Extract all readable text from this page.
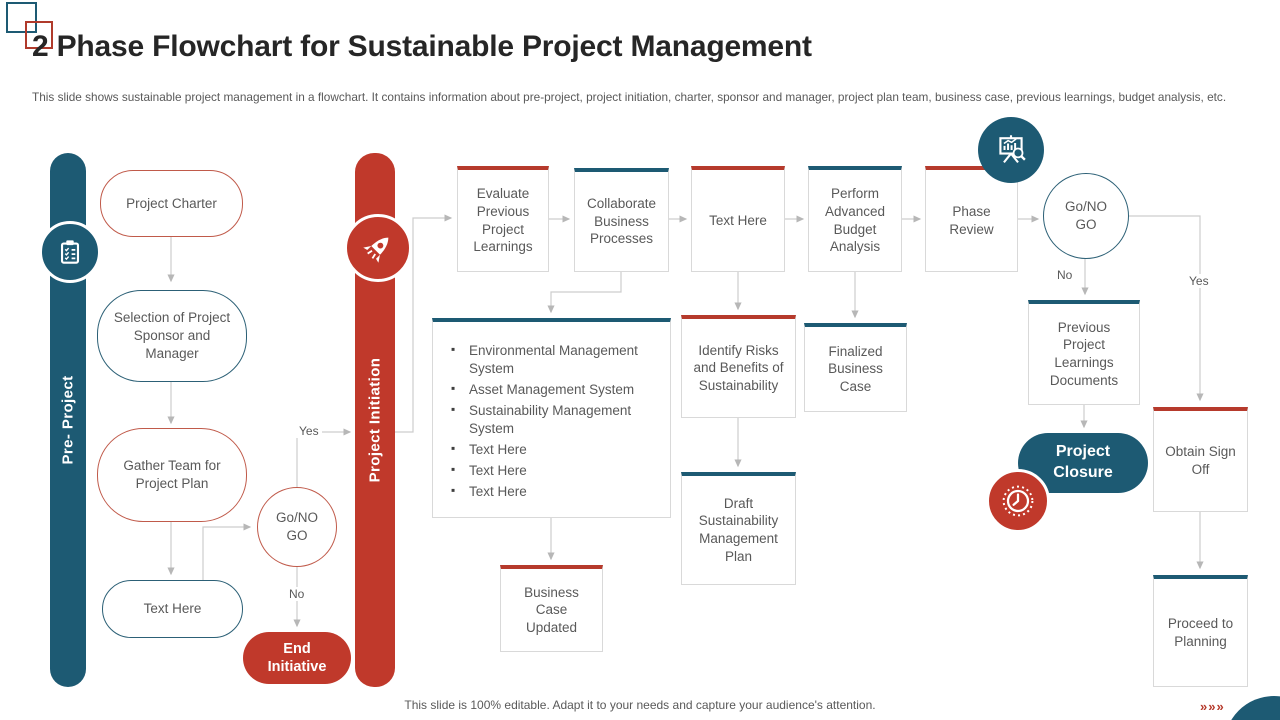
2 Phase Flowchart for Sustainable Project Management
This slide shows sustainable project management in a flowchart. It contains information about pre-project, project initiation, charter, sponsor and manager, project plan team, business case, previous learnings, budget analysis, etc.
Pre- Project	Project Initiation
Project Charter
Selection of Project Sponsor and Manager
Gather Team for Project Plan
Text Here
Go/NO GO
End Initiative
Yes
No
Evaluate Previous Project Learnings
Collaborate Business Processes
Text Here
Perform Advanced Budget Analysis
Phase Review
Go/NO GO
No	Yes
▪ Environmental Management System
▪ Asset Management System
▪ Sustainability Management System
▪ Text Here
▪ Text Here
▪ Text Here
Identify Risks and Benefits of Sustainability
Finalized Business Case
Business Case Updated
Draft Sustainability Management Plan
Previous Project Learnings Documents
Project Closure
Obtain Sign Off
Proceed to Planning
This slide is 100% editable. Adapt it to your needs and capture your audience's attention.	»»»
